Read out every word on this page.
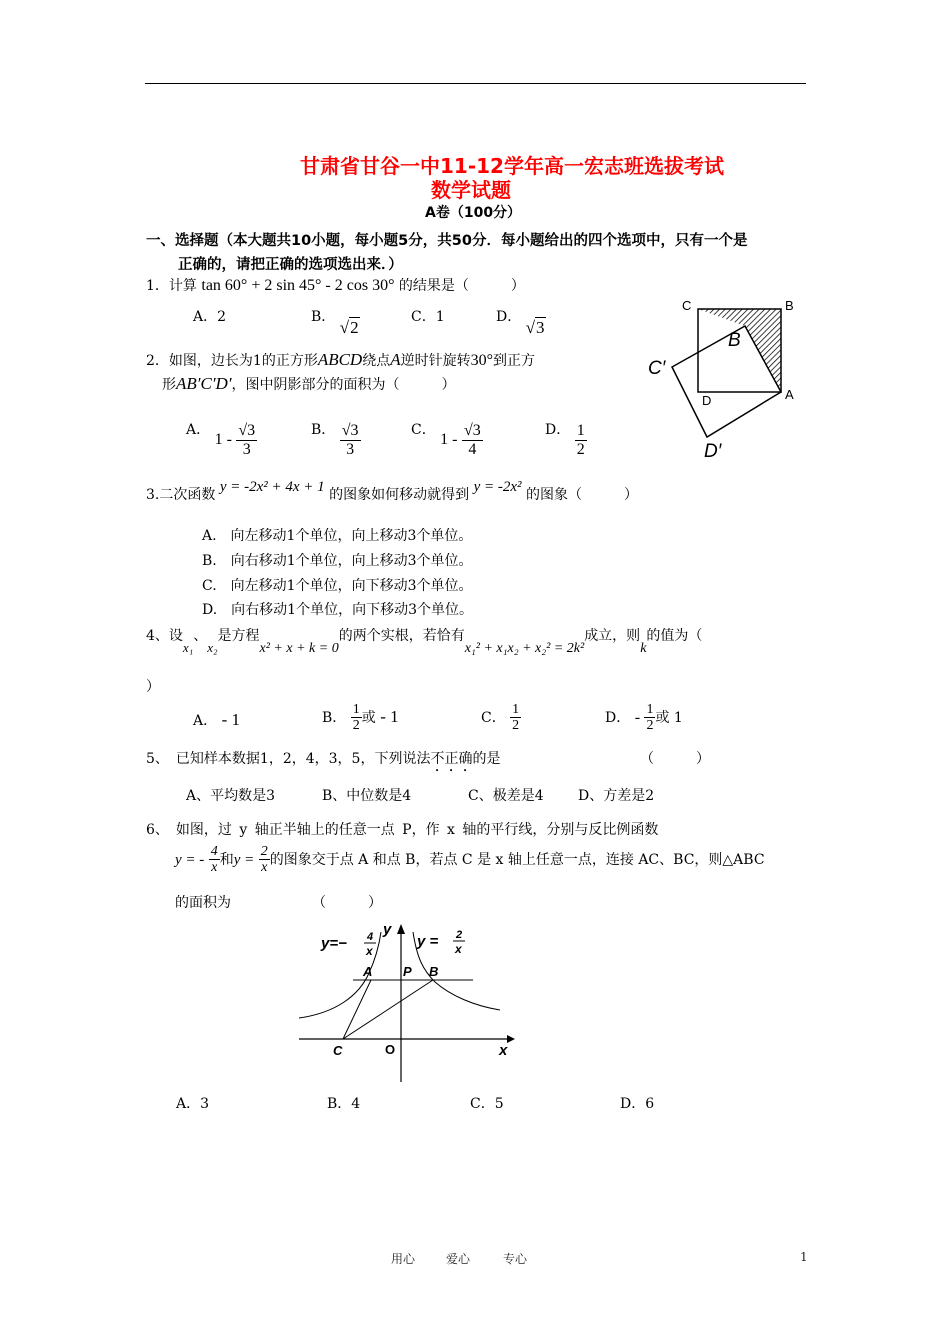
甘肃省甘谷一中11-12学年高一宏志班选拔考试
数学试题
A卷（100分）
一、选择题（本大题共10小题，每小题5分，共50分．每小题给出的四个选项中，只有一个是
正确的，请把正确的选项选出来．）
1．计算 tan 60° + 2 sin 45° - 2 cos 30° 的结果是（　　　）
A．2	B． √2
C．1	D． √3
C	B
B
C′
D	A
D′
2．如图，边长为1的正方形ABCD绕点A逆时针旋转30°到正方
形AB′C′D′，图中阴影部分的面积为（　　　）
A． $1 - \frac{√3}{3}$	B． $\frac{√3}{3}$	C． $1 - \frac{√3}{4}$	D． $\frac{1}{2}$
3.二次函数 y = -2x² + 4x + 1 的图象如何移动就得到 y = -2x² 的图象（　　　）
A.　向左移动1个单位，向上移动3个单位。
B.　向右移动1个单位，向上移动3个单位。
C.　向左移动1个单位，向下移动3个单位。
D.　向右移动1个单位，向下移动3个单位。
4、设x₁、x₂是方程x² + x + k = 0的两个实根，若恰有x₁² + x₁x₂ + x₂² = 2k²成立，则k的值为（
）
A． - 1	B． $\frac{1}{2}$ 或 - 1	C． $\frac{1}{2}$	D． - $\frac{1}{2}$ 或 1
5、　已知样本数据1，2，4，3，5，下列说法不正确的是	（　　　）
A、平均数是3	B、中位数是4	C、极差是4 D、方差是2
6、　如图，过 y 轴正半轴上的任意一点 P，作 x 轴的平行线，分别与反比例函数
y = - $\frac{4}{x}$ 和$y = \frac{2}{x}$ 的图象交于点 A 和点 B，若点 C 是 x 轴上任意一点，连接 AC、BC，则△ABC
的面积为	（　　　）
y=− 4
x
y
y = 2
x
A P B
C	O	x
A．3	B．4	C．5	D．6
用心	爱心	专心	1
